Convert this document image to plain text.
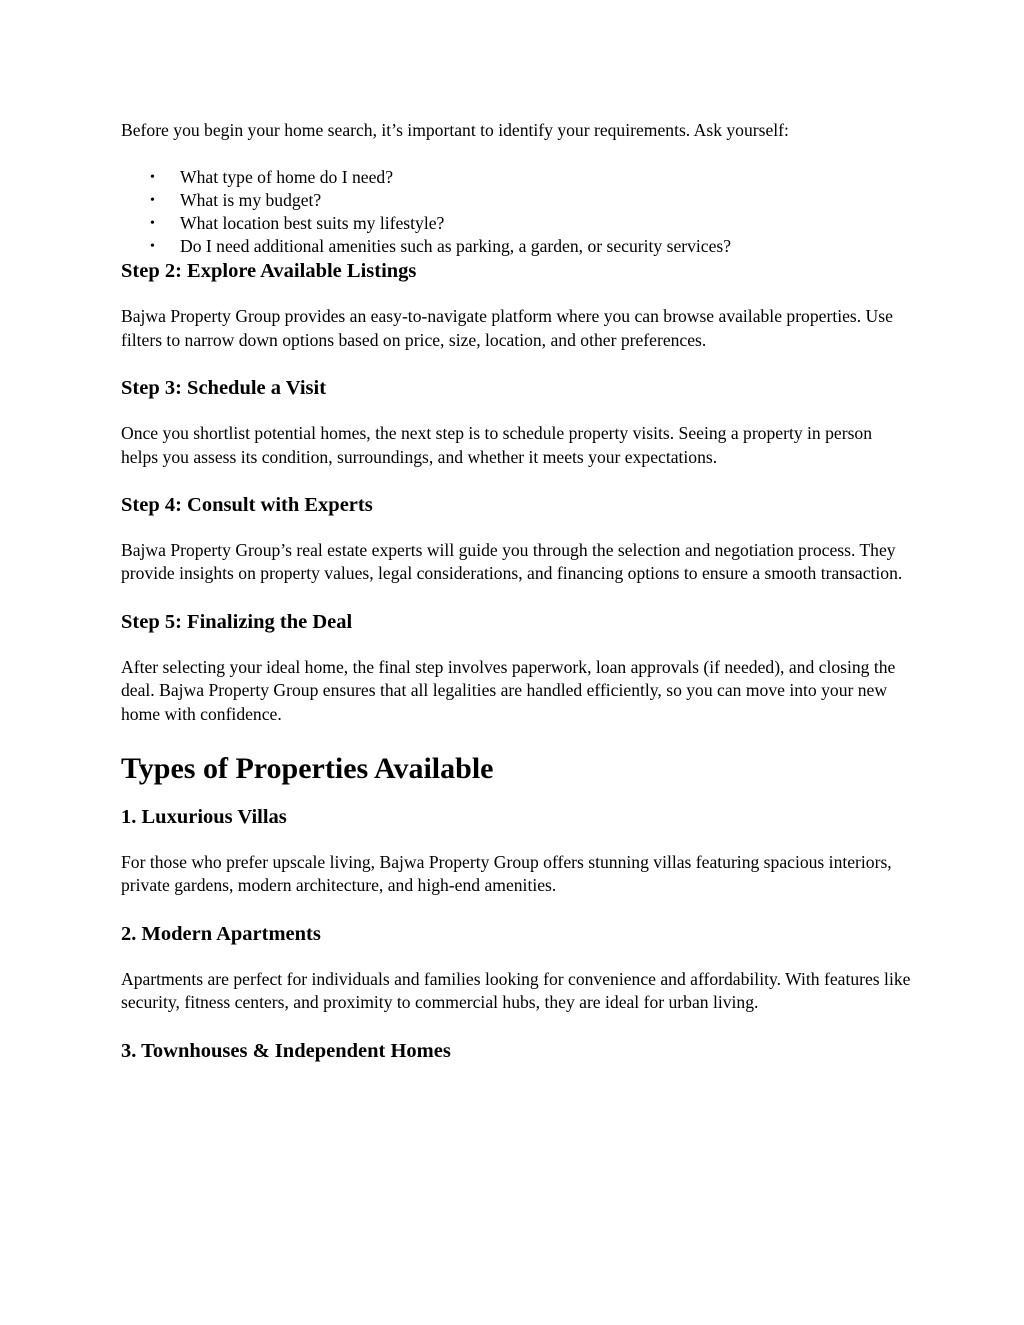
Before you begin your home search, it’s important to identify your requirements. Ask yourself:

• What type of home do I need?
• What is my budget?
• What location best suits my lifestyle?
• Do I need additional amenities such as parking, a garden, or security services?
Step 2: Explore Available Listings

Bajwa Property Group provides an easy-to-navigate platform where you can browse available properties. Use filters to narrow down options based on price, size, location, and other preferences.

Step 3: Schedule a Visit

Once you shortlist potential homes, the next step is to schedule property visits. Seeing a property in person helps you assess its condition, surroundings, and whether it meets your expectations.

Step 4: Consult with Experts

Bajwa Property Group’s real estate experts will guide you through the selection and negotiation process. They provide insights on property values, legal considerations, and financing options to ensure a smooth transaction.

Step 5: Finalizing the Deal

After selecting your ideal home, the final step involves paperwork, loan approvals (if needed), and closing the deal. Bajwa Property Group ensures that all legalities are handled efficiently, so you can move into your new home with confidence.

Types of Properties Available
1. Luxurious Villas

For those who prefer upscale living, Bajwa Property Group offers stunning villas featuring spacious interiors, private gardens, modern architecture, and high-end amenities.

2. Modern Apartments

Apartments are perfect for individuals and families looking for convenience and affordability. With features like security, fitness centers, and proximity to commercial hubs, they are ideal for urban living.

3. Townhouses & Independent Homes
